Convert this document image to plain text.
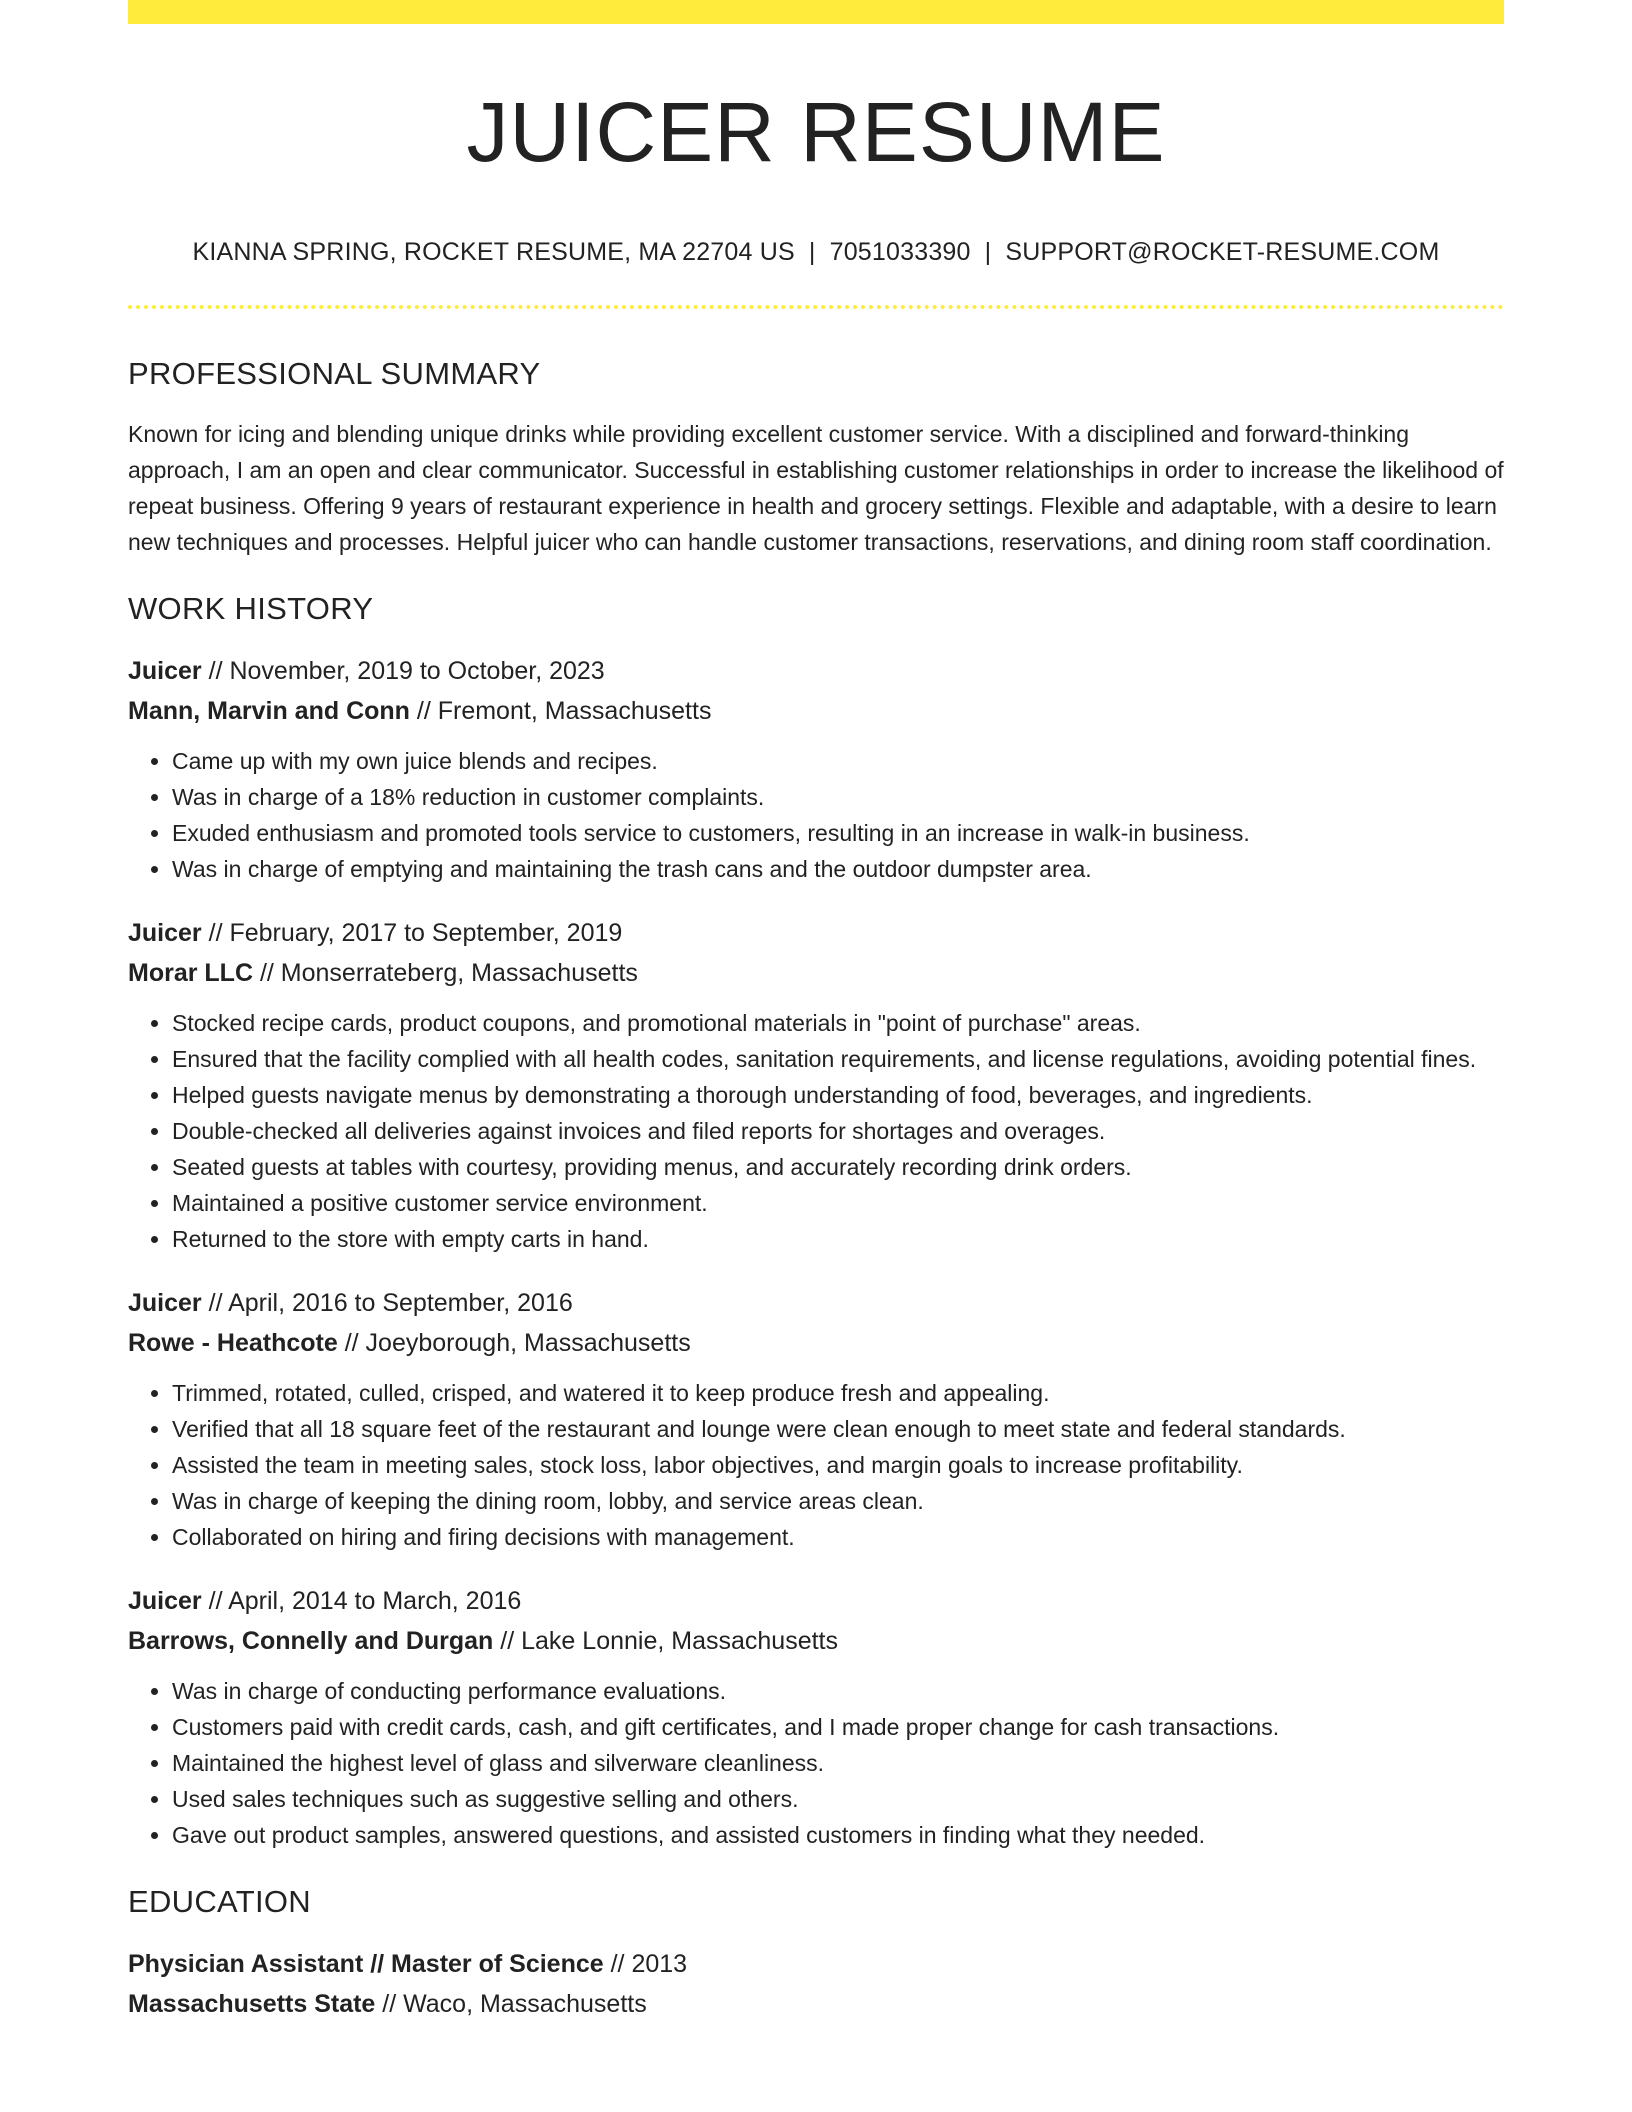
JUICER RESUME
KIANNA SPRING, ROCKET RESUME, MA 22704 US | 7051033390 | SUPPORT@ROCKET-RESUME.COM
PROFESSIONAL SUMMARY

Known for icing and blending unique drinks while providing excellent customer service. With a disciplined and forward-thinking approach, I am an open and clear communicator. Successful in establishing customer relationships in order to increase the likelihood of repeat business. Offering 9 years of restaurant experience in health and grocery settings. Flexible and adaptable, with a desire to learn new techniques and processes. Helpful juicer who can handle customer transactions, reservations, and dining room staff coordination.

WORK HISTORY
Juicer // November, 2019 to October, 2023
Mann, Marvin and Conn // Fremont, Massachusetts
• Came up with my own juice blends and recipes.
• Was in charge of a 18% reduction in customer complaints.
• Exuded enthusiasm and promoted tools service to customers, resulting in an increase in walk-in business.
• Was in charge of emptying and maintaining the trash cans and the outdoor dumpster area.
Juicer // February, 2017 to September, 2019
Morar LLC // Monserrateberg, Massachusetts
• Stocked recipe cards, product coupons, and promotional materials in "point of purchase" areas.
• Ensured that the facility complied with all health codes, sanitation requirements, and license regulations, avoiding potential fines.
• Helped guests navigate menus by demonstrating a thorough understanding of food, beverages, and ingredients.
• Double-checked all deliveries against invoices and filed reports for shortages and overages.
• Seated guests at tables with courtesy, providing menus, and accurately recording drink orders.
• Maintained a positive customer service environment.
• Returned to the store with empty carts in hand.
Juicer // April, 2016 to September, 2016
Rowe - Heathcote // Joeyborough, Massachusetts
• Trimmed, rotated, culled, crisped, and watered it to keep produce fresh and appealing.
• Verified that all 18 square feet of the restaurant and lounge were clean enough to meet state and federal standards.
• Assisted the team in meeting sales, stock loss, labor objectives, and margin goals to increase profitability.
• Was in charge of keeping the dining room, lobby, and service areas clean.
• Collaborated on hiring and firing decisions with management.
Juicer // April, 2014 to March, 2016
Barrows, Connelly and Durgan // Lake Lonnie, Massachusetts
• Was in charge of conducting performance evaluations.
• Customers paid with credit cards, cash, and gift certificates, and I made proper change for cash transactions.
• Maintained the highest level of glass and silverware cleanliness.
• Used sales techniques such as suggestive selling and others.
• Gave out product samples, answered questions, and assisted customers in finding what they needed.
EDUCATION
Physician Assistant // Master of Science // 2013
Massachusetts State // Waco, Massachusetts
